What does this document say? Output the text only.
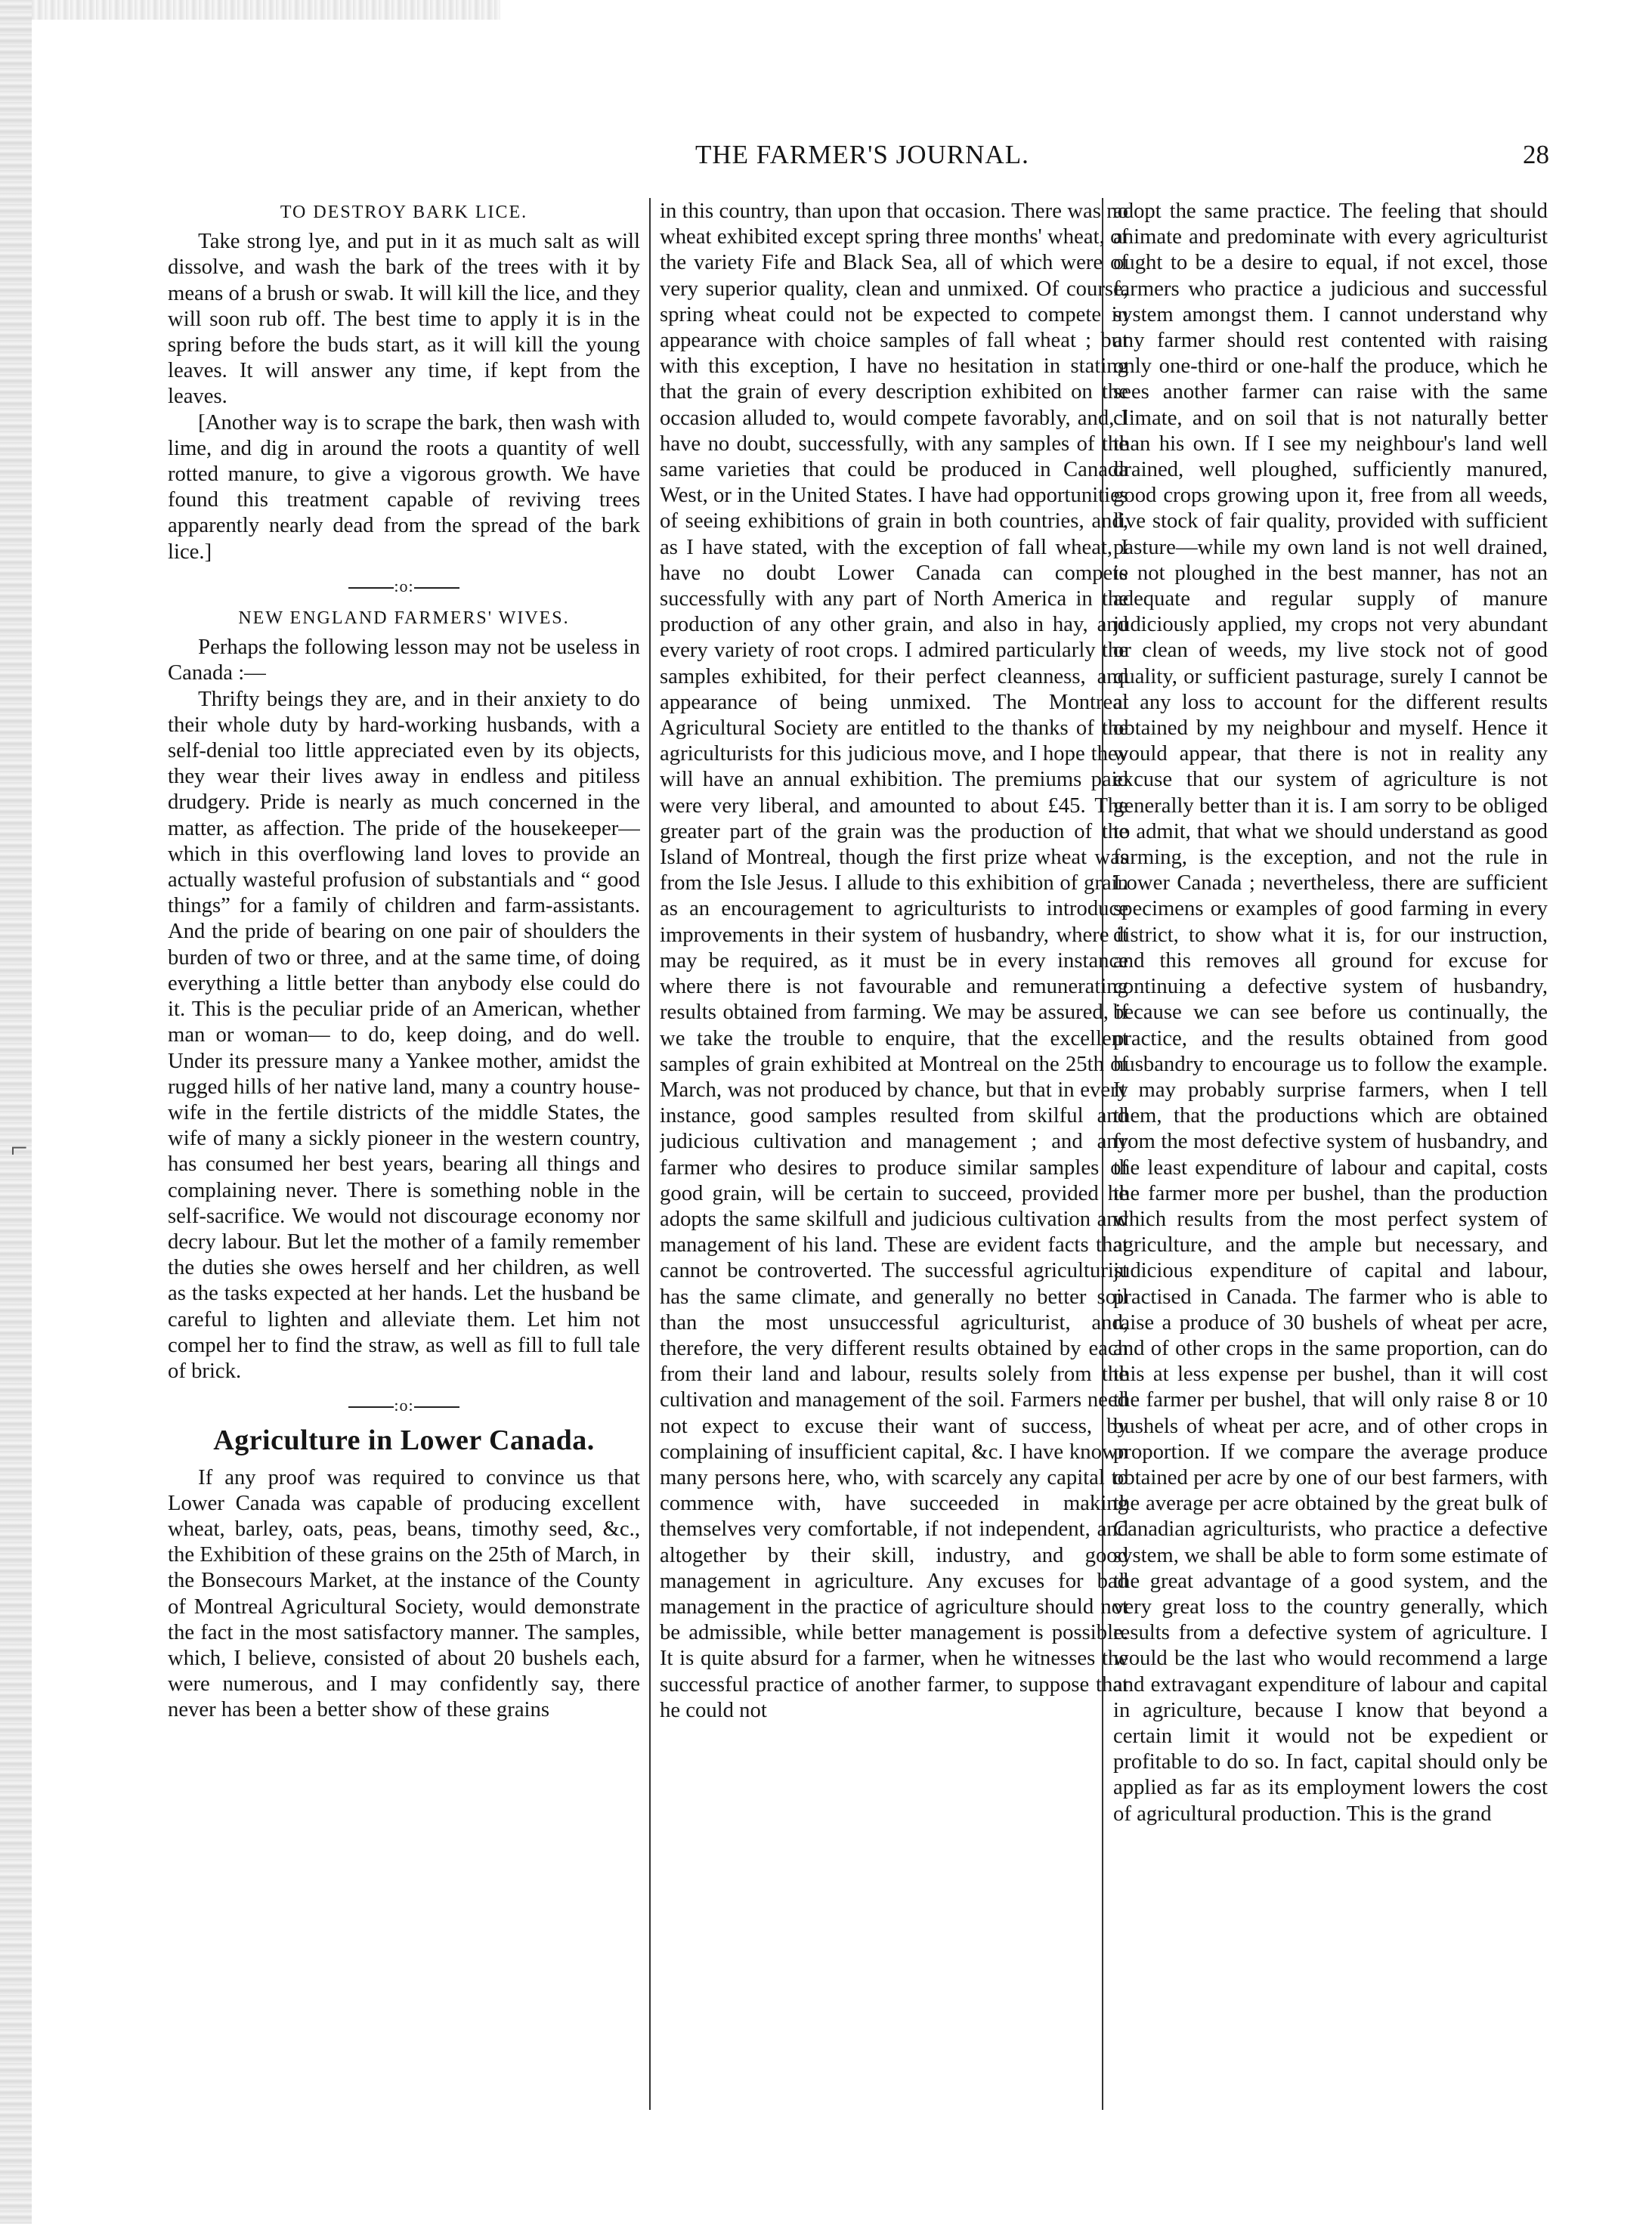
⌐
THE FARMER'S JOURNAL.	28
TO DESTROY BARK LICE.

Take strong lye, and put in it as much salt as will dissolve, and wash the bark of the trees with it by means of a brush or swab. It will kill the lice, and they will soon rub off. The best time to apply it is in the spring before the buds start, as it will kill the young leaves. It will answer any time, if kept from the leaves.

[Another way is to scrape the bark, then wash with lime, and dig in around the roots a quantity of well rotted manure, to give a vigorous growth. We have found this treatment capable of reviving trees apparently nearly dead from the spread of the bark lice.]

:o:
NEW ENGLAND FARMERS' WIVES.

Perhaps the following lesson may not be useless in Canada :—

Thrifty beings they are, and in their anxiety to do their whole duty by hard-working husbands, with a self-denial too little appreciated even by its objects, they wear their lives away in endless and pitiless drudgery. Pride is nearly as much concerned in the matter, as affection. The pride of the housekeeper—which in this overflowing land loves to provide an actually wasteful profusion of substantials and “ good things” for a family of children and farm-assistants. And the pride of bearing on one pair of shoulders the burden of two or three, and at the same time, of doing everything a little better than anybody else could do it. This is the peculiar pride of an American, whether man or woman— to do, keep doing, and do well. Under its pressure many a Yankee mother, amidst the rugged hills of her native land, many a country house-wife in the fertile districts of the middle States, the wife of many a sickly pioneer in the western country, has consumed her best years, bearing all things and complaining never. There is something noble in the self-sacrifice. We would not discourage economy nor decry labour. But let the mother of a family remember the duties she owes herself and her children, as well as the tasks expected at her hands. Let the husband be careful to lighten and alleviate them. Let him not compel her to find the straw, as well as fill to full tale of brick.

:o:
Agriculture in Lower Canada.

If any proof was required to convince us that Lower Canada was capable of producing excellent wheat, barley, oats, peas, beans, timothy seed, &c., the Exhibition of these grains on the 25th of March, in the Bonsecours Market, at the instance of the County of Montreal Agricultural Society, would demonstrate the fact in the most satisfactory manner. The samples, which, I believe, consisted of about 20 bushels each, were numerous, and I may confidently say, there never has been a better show of these grains

in this country, than upon that occasion. There was no wheat exhibited except spring three months' wheat, of the variety Fife and Black Sea, all of which were of very superior quality, clean and unmixed. Of course, spring wheat could not be expected to compete in appearance with choice samples of fall wheat ; but with this exception, I have no hesitation in stating that the grain of every description exhibited on the occasion alluded to, would compete favorably, and, I have no doubt, successfully, with any samples of the same varieties that could be produced in Canada West, or in the United States. I have had opportunities of seeing exhibitions of grain in both countries, and, as I have stated, with the exception of fall wheat, I have no doubt Lower Canada can compete successfully with any part of North America in the production of any other grain, and also in hay, and every variety of root crops. I admired particularly the samples exhibited, for their perfect cleanness, and appearance of being unmixed. The Montreal Agricultural Society are entitled to the thanks of the agriculturists for this judicious move, and I hope they will have an annual exhibition. The premiums paid were very liberal, and amounted to about £45. The greater part of the grain was the production of the Island of Montreal, though the first prize wheat was from the Isle Jesus. I allude to this exhibition of grain as an encouragement to agriculturists to introduce improvements in their system of husbandry, where it may be required, as it must be in every instance where there is not favourable and remunerating results obtained from farming. We may be assured, if we take the trouble to enquire, that the excellent samples of grain exhibited at Montreal on the 25th of March, was not produced by chance, but that in every instance, good samples resulted from skilful and judicious cultivation and management ; and any farmer who desires to produce similar samples of good grain, will be certain to succeed, provided he adopts the same skilfull and judicious cultivation and management of his land. These are evident facts that cannot be controverted. The successful agriculturist has the same climate, and generally no better soil than the most unsuccessful agriculturist, and, therefore, the very different results obtained by each from their land and labour, results solely from the cultivation and management of the soil. Farmers need not expect to excuse their want of success, by complaining of insufficient capital, &c. I have known many persons here, who, with scarcely any capital to commence with, have succeeded in making themselves very comfortable, if not independent, and altogether by their skill, industry, and good management in agriculture. Any excuses for bad management in the practice of agriculture should not be admissible, while better management is possible. It is quite absurd for a farmer, when he witnesses the successful practice of another farmer, to suppose that he could not

adopt the same practice. The feeling that should animate and predominate with every agriculturist ought to be a desire to equal, if not excel, those farmers who practice a judicious and successful system amongst them. I cannot understand why any farmer should rest contented with raising only one-third or one-half the produce, which he sees another farmer can raise with the same climate, and on soil that is not naturally better than his own. If I see my neighbour's land well drained, well ploughed, sufficiently manured, good crops growing upon it, free from all weeds, live stock of fair quality, provided with sufficient pasture—while my own land is not well drained, is not ploughed in the best manner, has not an adequate and regular supply of manure judiciously applied, my crops not very abundant or clean of weeds, my live stock not of good quality, or sufficient pasturage, surely I cannot be at any loss to account for the different results obtained by my neighbour and myself. Hence it would appear, that there is not in reality any excuse that our system of agriculture is not generally better than it is. I am sorry to be obliged to admit, that what we should understand as good farming, is the exception, and not the rule in Lower Canada ; nevertheless, there are sufficient specimens or examples of good farming in every district, to show what it is, for our instruction, and this removes all ground for excuse for continuing a defective system of husbandry, because we can see before us continually, the practice, and the results obtained from good husbandry to encourage us to follow the example. It may probably surprise farmers, when I tell them, that the productions which are obtained from the most defective system of husbandry, and the least expenditure of labour and capital, costs the farmer more per bushel, than the production which results from the most perfect system of agriculture, and the ample but necessary, and judicious expenditure of capital and labour, practised in Canada. The farmer who is able to raise a produce of 30 bushels of wheat per acre, and of other crops in the same proportion, can do this at less expense per bushel, than it will cost the farmer per bushel, that will only raise 8 or 10 bushels of wheat per acre, and of other crops in proportion. If we compare the average produce obtained per acre by one of our best farmers, with the average per acre obtained by the great bulk of Canadian agriculturists, who practice a defective system, we shall be able to form some estimate of the great advantage of a good system, and the very great loss to the country generally, which results from a defective system of agriculture. I would be the last who would recommend a large and extravagant expenditure of labour and capital in agriculture, because I know that beyond a certain limit it would not be expedient or profitable to do so. In fact, capital should only be applied as far as its employment lowers the cost of agricultural production. This is the grand
